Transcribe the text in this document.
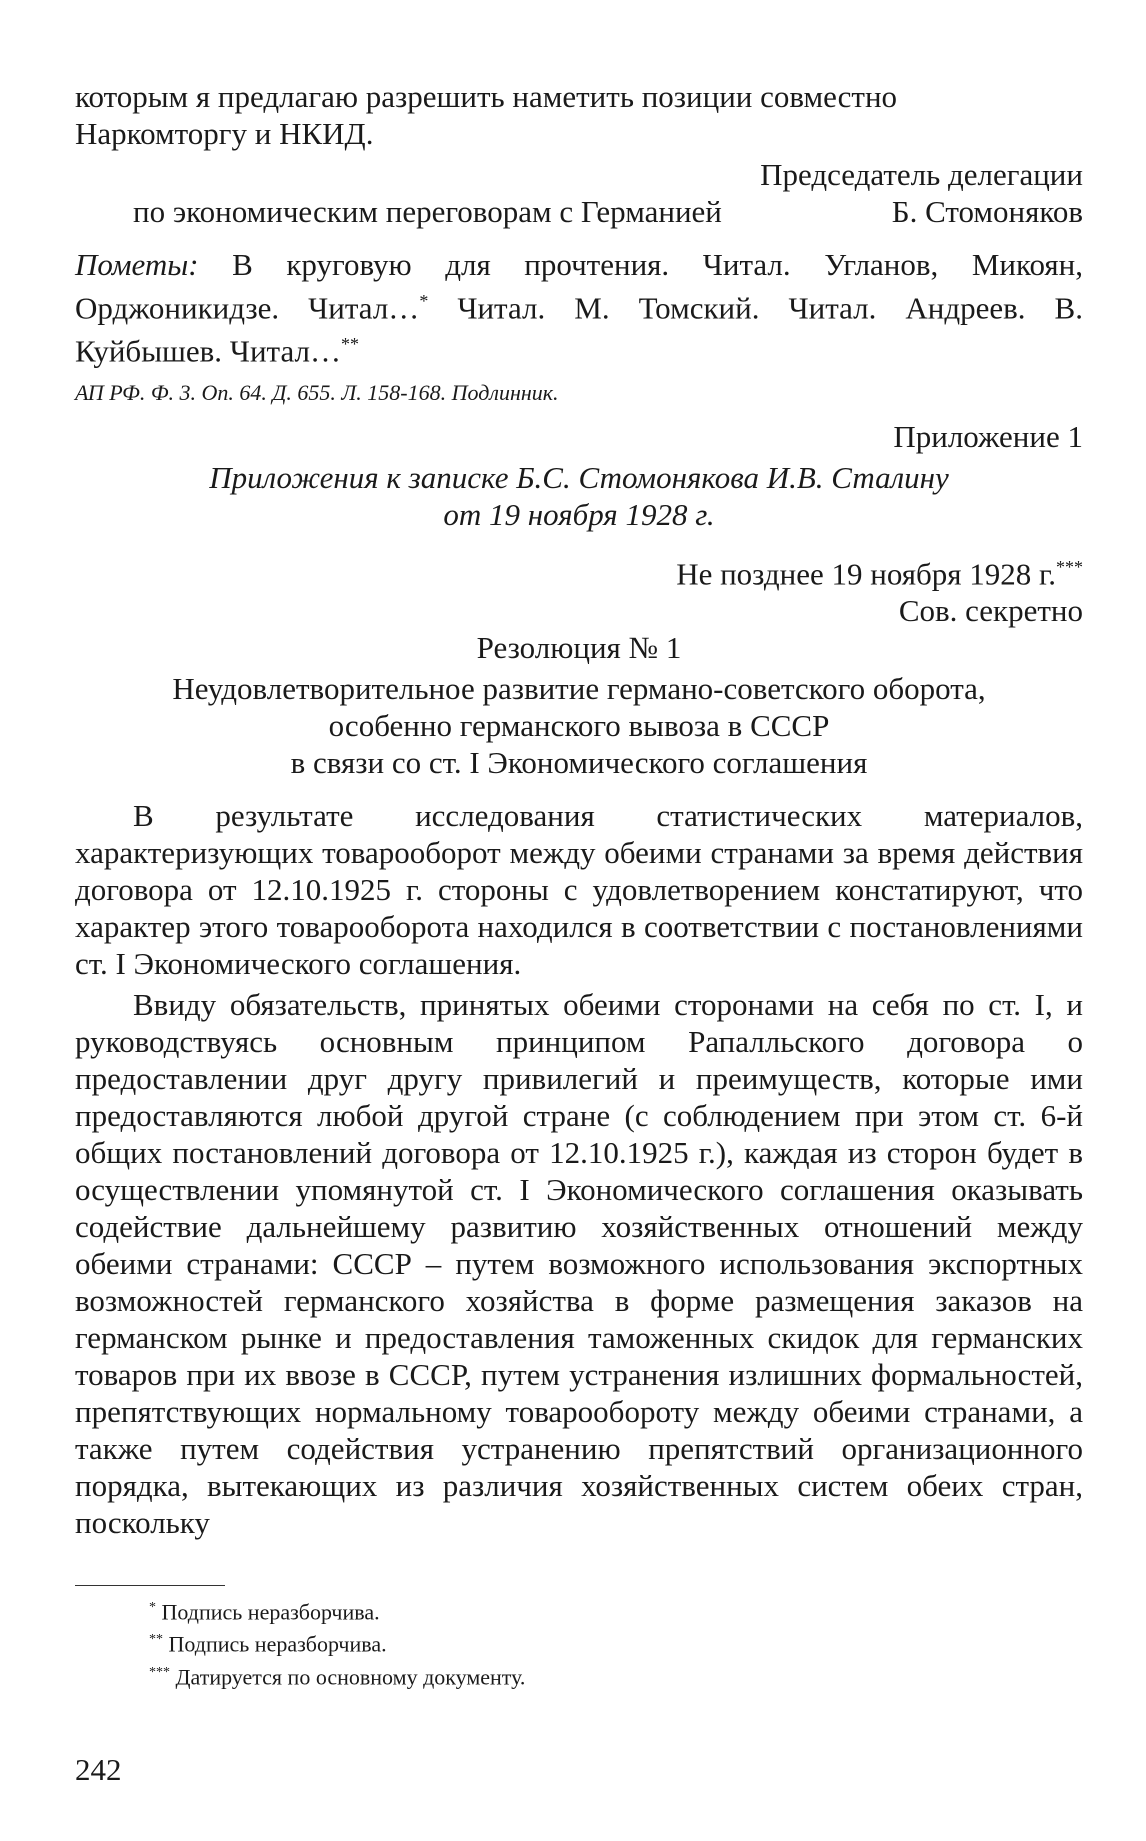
которым я предлагаю разрешить наметить позиции совместно
Наркомторгу и НКИД.

Председатель делегации

по экономическим переговорам с Германией	Б. Стомоняков

Пометы: В круговую для прочтения. Читал. Угланов, Микоян, Орджоникидзе. Читал…* Читал. М. Томский. Читал. Андреев. В. Куйбышев. Читал…**

АП РФ. Ф. 3. Оп. 64. Д. 655. Л. 158-168. Подлинник.

Приложение 1

Приложения к записке Б.С. Стомонякова И.В. Сталину

от 19 ноября 1928 г.

Не позднее 19 ноября 1928 г.***

Сов. секретно

Резолюция № 1

Неудовлетворительное развитие германо-советского оборота,

особенно германского вывоза в СССР

в связи со ст. I Экономического соглашения

В результате исследования статистических материалов, характеризующих товарооборот между обеими странами за время действия договора от 12.10.1925 г. стороны с удовлетворением констатируют, что характер этого товарооборота находился в соответствии с постановлениями ст. I Экономического соглашения.

Ввиду обязательств, принятых обеими сторонами на себя по ст. I, и руководствуясь основным принципом Рапалльского договора о предоставлении друг другу привилегий и преимуществ, которые ими предоставляются любой другой стране (с соблюдением при этом ст. 6-й общих постановлений договора от 12.10.1925 г.), каждая из сторон будет в осуществлении упомянутой ст. I Экономического соглашения оказывать содействие дальнейшему развитию хозяйственных отношений между обеими странами: СССР – путем возможного использования экспортных возможностей германского хозяйства в форме размещения заказов на германском рынке и предоставления таможенных скидок для германских товаров при их ввозе в СССР, путем устранения излишних формальностей, препятствующих нормальному товарообороту между обеими странами, а также путем содействия устранению препятствий организационного порядка, вытекающих из различия хозяйственных систем обеих стран, поскольку

* Подпись неразборчива.
** Подпись неразборчива.
*** Датируется по основному документу.
242
